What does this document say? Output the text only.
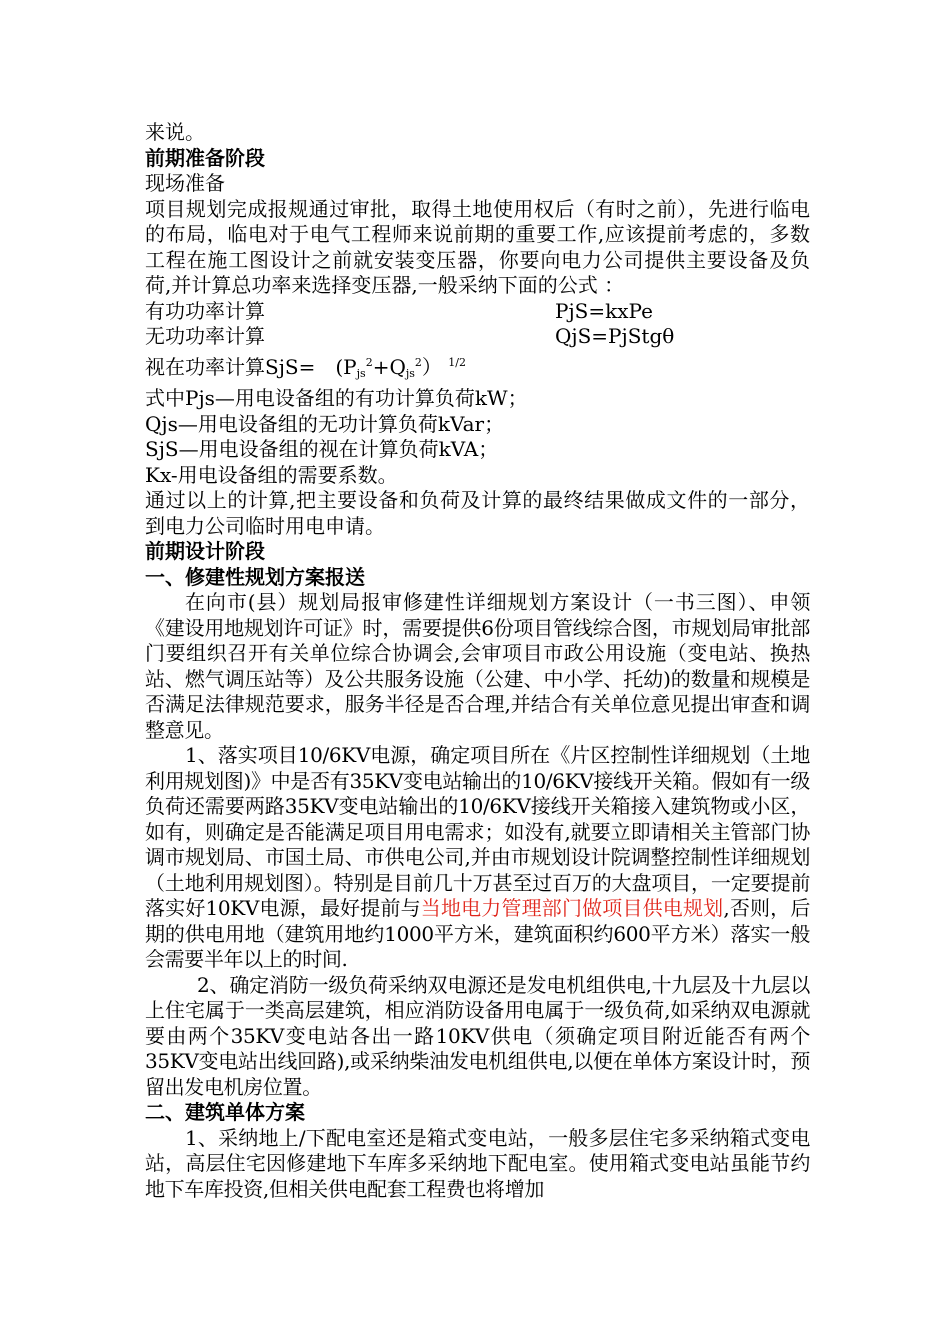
来说。

前期准备阶段

现场准备

项目规划完成报规通过审批，取得土地使用权后（有时之前），先进行临电的布局，临电对于电气工程师来说前期的重要工作,应该提前考虑的，多数工程在施工图设计之前就安装变压器，你要向电力公司提供主要设备及负荷,并计算总功率来选择变压器,一般采纳下面的公式 ：

有功功率计算	PjS=kxPe
无功功率计算	QjS=PjStgθ

视在功率计算SjS=　$(P_{js}^2+Q_{js}^2)$ $^{1/2}$

式中Pjs—用电设备组的有功计算负荷kW；

Qjs—用电设备组的无功计算负荷kVar；

SjS—用电设备组的视在计算负荷kVA；

Kx-用电设备组的需要系数。

通过以上的计算,把主要设备和负荷及计算的最终结果做成文件的一部分，到电力公司临时用电申请。

前期设计阶段

一、修建性规划方案报送

在向市(县）规划局报审修建性详细规划方案设计（一书三图）、申领《建设用地规划许可证》时，需要提供6份项目管线综合图，市规划局审批部门要组织召开有关单位综合协调会,会审项目市政公用设施（变电站、换热站、燃气调压站等）及公共服务设施（公建、中小学、托幼)的数量和规模是否满足法律规范要求，服务半径是否合理,并结合有关单位意见提出审查和调整意见。

1、落实项目10/6KV电源，确定项目所在《片区控制性详细规划（土地利用规划图)》中是否有35KV变电站输出的10/6KV接线开关箱。假如有一级负荷还需要两路35KV变电站输出的10/6KV接线开关箱接入建筑物或小区，如有，则确定是否能满足项目用电需求；如没有,就要立即请相关主管部门协调市规划局、市国土局、市供电公司,并由市规划设计院调整控制性详细规划（土地利用规划图）。特别是目前几十万甚至过百万的大盘项目，一定要提前落实好10KV电源，最好提前与当地电力管理部门做项目供电规划,否则，后期的供电用地（建筑用地约1000平方米，建筑面积约600平方米）落实一般会需要半年以上的时间.

2、确定消防一级负荷采纳双电源还是发电机组供电,十九层及十九层以上住宅属于一类高层建筑，相应消防设备用电属于一级负荷,如采纳双电源就要由两个35KV变电站各出一路10KV供电（须确定项目附近能否有两个35KV变电站出线回路),或采纳柴油发电机组供电,以便在单体方案设计时，预留出发电机房位置。

二、建筑单体方案

1、采纳地上/下配电室还是箱式变电站，一般多层住宅多采纳箱式变电站，高层住宅因修建地下车库多采纳地下配电室。使用箱式变电站虽能节约地下车库投资,但相关供电配套工程费也将增加
